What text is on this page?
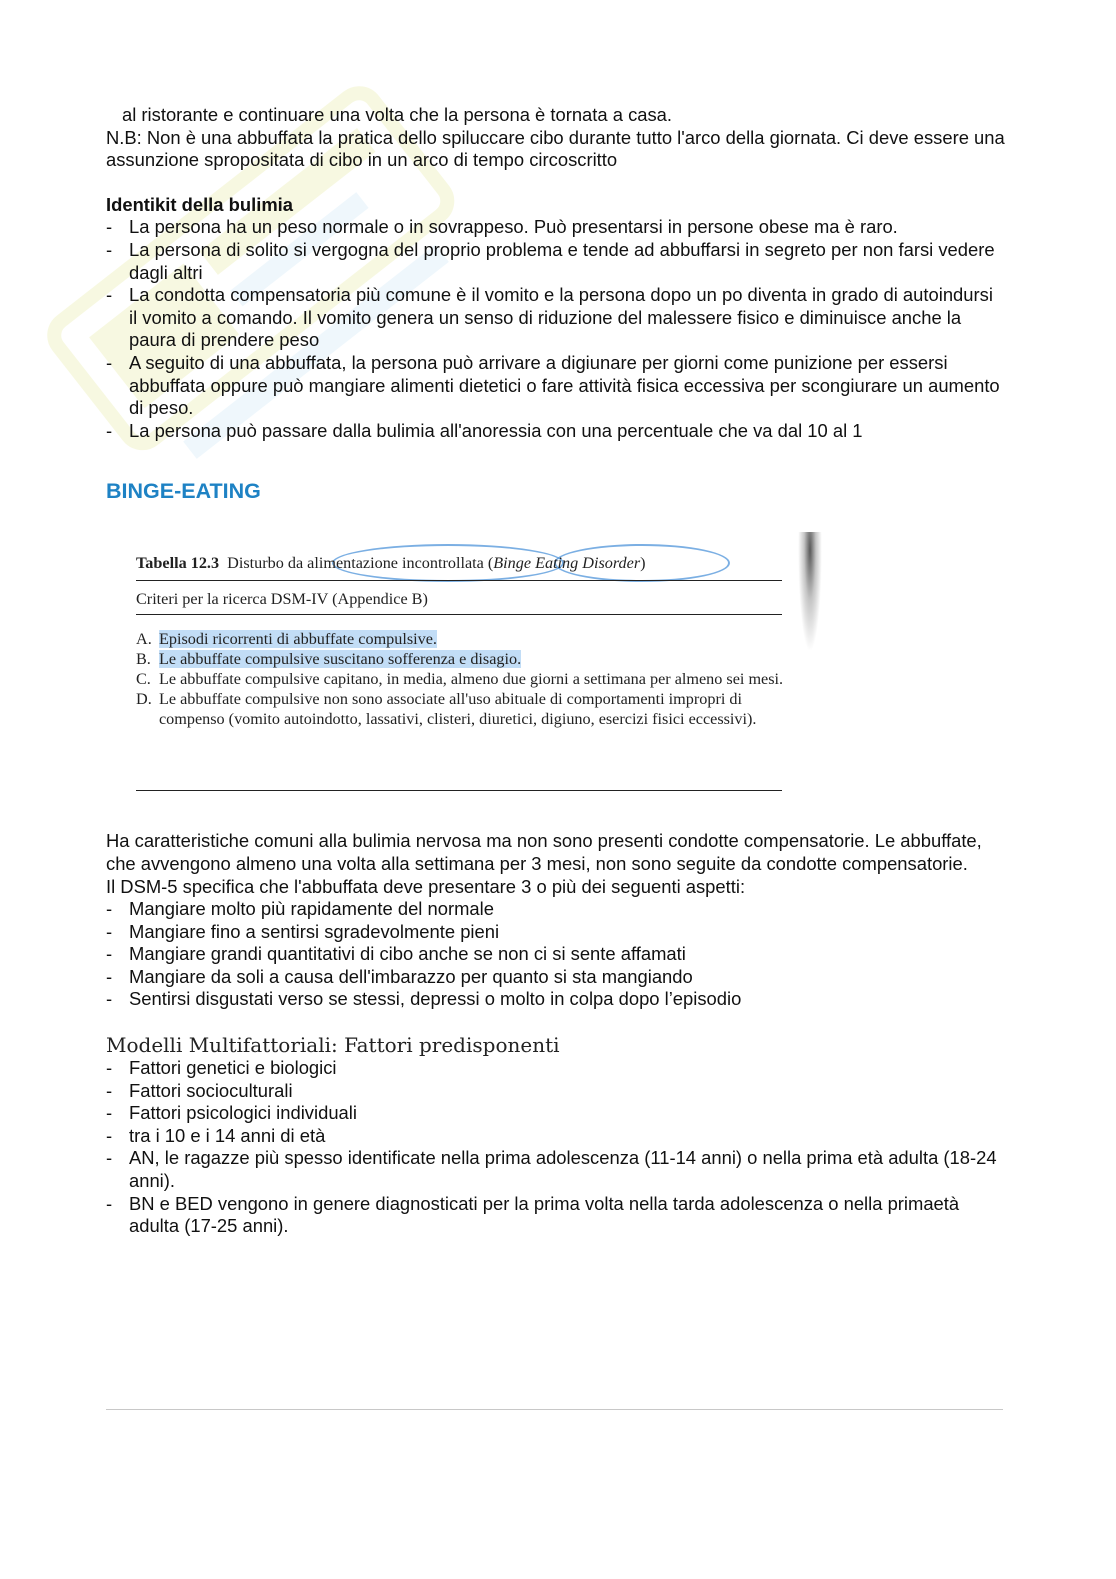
al ristorante e continuare una volta che la persona è tornata a casa.

N.B: Non è una abbuffata la pratica dello spiluccare cibo durante tutto l'arco della giornata. Ci deve essere una assunzione spropositata di cibo in un arco di tempo circoscritto

Identikit della bulimia

- La persona ha un peso normale o in sovrappeso. Può presentarsi in persone obese ma è raro.
- La persona di solito si vergogna del proprio problema e tende ad abbuffarsi in segreto per non farsi vedere dagli altri
- La condotta compensatoria più comune è il vomito e la persona dopo un po diventa in grado di autoindursi il vomito a comando. Il vomito genera un senso di riduzione del malessere fisico e diminuisce anche la paura di prendere peso
- A seguito di una abbuffata, la persona può arrivare a digiunare per giorni come punizione per essersi abbuffata oppure può mangiare alimenti dietetici o fare attività fisica eccessiva per scongiurare un aumento di peso.
- La persona può passare dalla bulimia all'anoressia con una percentuale che va dal 10 al 1

BINGE-EATING

Tabella 12.3 Disturbo da alimentazione incontrollata (Binge Eating Disorder)
Criteri per la ricerca DSM-IV (Appendice B)
A. Episodi ricorrenti di abbuffate compulsive.
B. Le abbuffate compulsive suscitano sofferenza e disagio.
C. Le abbuffate compulsive capitano, in media, almeno due giorni a settimana per almeno sei mesi.
D. Le abbuffate compulsive non sono associate all'uso abituale di comportamenti impropri di compenso (vomito autoindotto, lassativi, clisteri, diuretici, digiuno, esercizi fisici eccessivi).

Ha caratteristiche comuni alla bulimia nervosa ma non sono presenti condotte compensatorie. Le abbuffate, che avvengono almeno una volta alla settimana per 3 mesi, non sono seguite da condotte compensatorie.

Il DSM-5 specifica che l'abbuffata deve presentare 3 o più dei seguenti aspetti:

- Mangiare molto più rapidamente del normale
- Mangiare fino a sentirsi sgradevolmente pieni
- Mangiare grandi quantitativi di cibo anche se non ci si sente affamati
- Mangiare da soli a causa dell'imbarazzo per quanto si sta mangiando
- Sentirsi disgustati verso se stessi, depressi o molto in colpa dopo l’episodio

Modelli Multifattoriali: Fattori predisponenti

- Fattori genetici e biologici
- Fattori socioculturali
- Fattori psicologici individuali
- tra i 10 e i 14 anni di età
- AN, le ragazze più spesso identificate nella prima adolescenza (11-14 anni) o nella prima età adulta (18-24 anni).
- BN e BED vengono in genere diagnosticati per la prima volta nella tarda adolescenza o nella primaetà adulta (17-25 anni).
